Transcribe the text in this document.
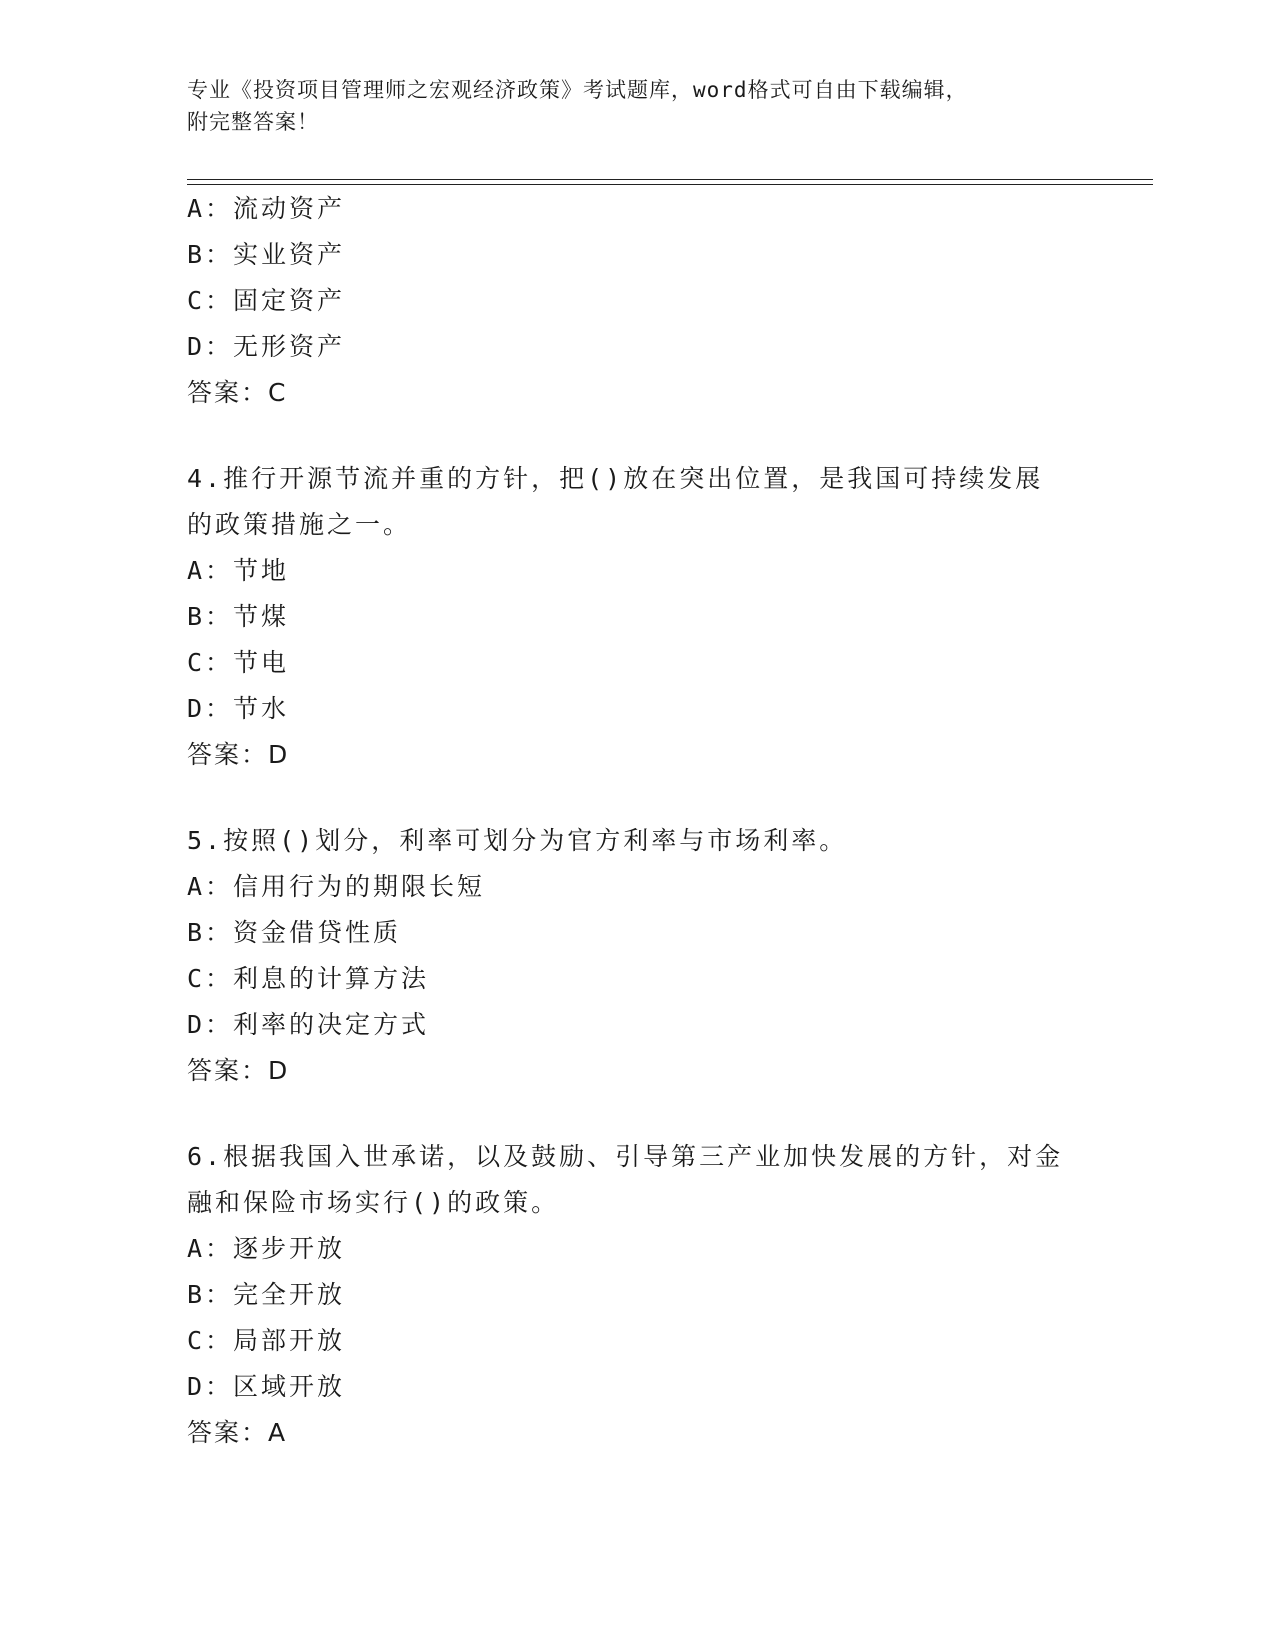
专业《投资项目管理师之宏观经济政策》考试题库，word格式可自由下载编辑，
附完整答案！
A：流动资产
B：实业资产
C：固定资产
D：无形资产
答案：C
4.推行开源节流并重的方针，把()放在突出位置，是我国可持续发展的政策措施之一。
A：节地
B：节煤
C：节电
D：节水
答案：D
5.按照()划分，利率可划分为官方利率与市场利率。
A：信用行为的期限长短
B：资金借贷性质
C：利息的计算方法
D：利率的决定方式
答案：D
6.根据我国入世承诺，以及鼓励、引导第三产业加快发展的方针，对金融和保险市场实行()的政策。
A：逐步开放
B：完全开放
C：局部开放
D：区域开放
答案：A
